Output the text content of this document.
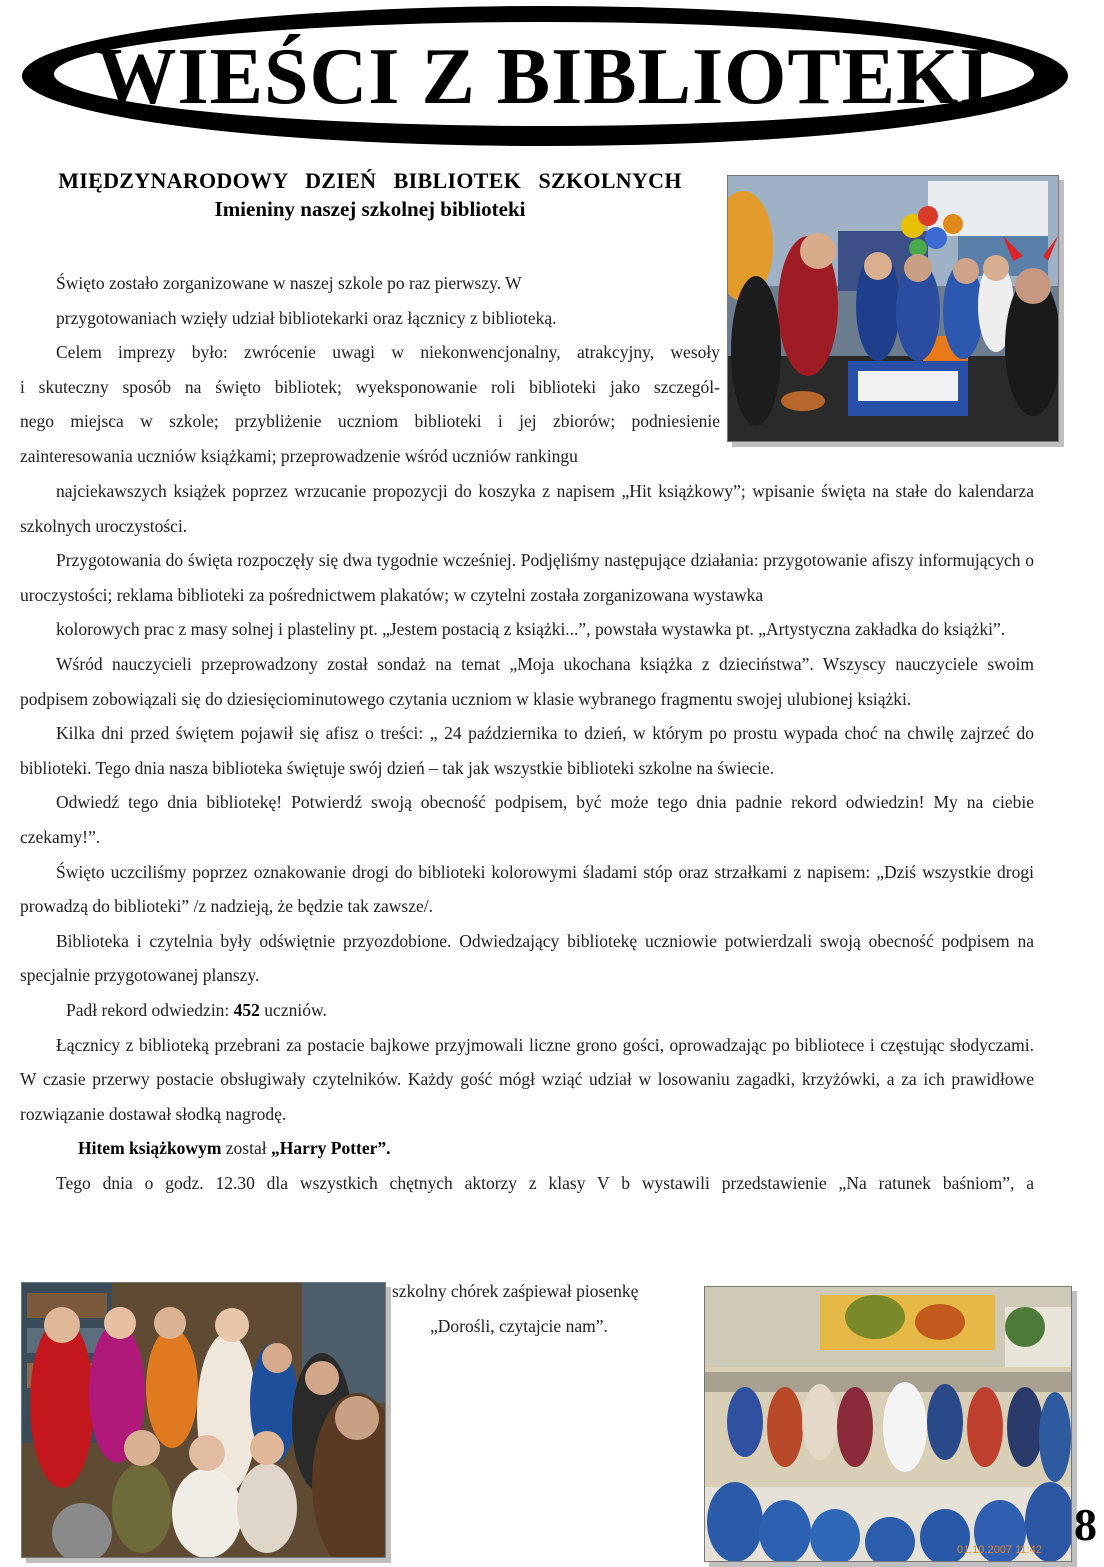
WIEŚCI Z BIBLIOTEKI
MIĘDZYNARODOWY   DZIEŃ   BIBLIOTEK   SZKOLNYCH
Imieniny naszej szkolnej biblioteki

Święto zostało zorganizowane w naszej szkole po raz pierwszy. W

przygotowaniach wzięły udział bibliotekarki oraz łącznicy z biblioteką.

Celem imprezy było: zwrócenie uwagi w niekonwencjonalny, atrakcyjny, wesoły

i skuteczny sposób na święto bibliotek; wyeksponowanie roli biblioteki jako szczegól-

nego miejsca w szkole; przybliżenie uczniom biblioteki i jej zbiorów; podniesienie

zainteresowania uczniów książkami; przeprowadzenie wśród uczniów rankingu

najciekawszych książek poprzez wrzucanie propozycji do koszyka z napisem „Hit książkowy”; wpisanie święta na stałe do kalendarza szkolnych uroczystości.

Przygotowania do święta rozpoczęły się dwa tygodnie wcześniej. Podjęliśmy następujące działania: przygotowanie afiszy informujących o uroczystości; reklama biblioteki za pośrednictwem plakatów; w czytelni została zorganizowana wystawka

kolorowych prac z masy solnej i plasteliny pt. „Jestem postacią z książki...”, powstała wystawka pt. „Artystyczna zakładka do książki”.

Wśród nauczycieli przeprowadzony został sondaż na temat „Moja ukochana książka z dzieciństwa”. Wszyscy nauczyciele swoim podpisem zobowiązali się do dziesięciominutowego czytania uczniom w klasie wybranego fragmentu swojej ulubionej książki.

Kilka dni przed świętem pojawił się afisz o treści: „ 24 października to dzień, w którym po prostu wypada choć na chwilę zajrzeć do biblioteki. Tego dnia nasza biblioteka świętuje swój dzień – tak jak wszystkie biblioteki szkolne na świecie.

Odwiedź tego dnia bibliotekę! Potwierdź swoją obecność podpisem, być może tego dnia padnie rekord odwiedzin! My na ciebie czekamy!”.

Święto uczciliśmy poprzez oznakowanie drogi do biblioteki kolorowymi śladami stóp oraz strzałkami z napisem: „Dziś wszystkie drogi prowadzą do biblioteki” /z nadzieją, że będzie tak zawsze/.

Biblioteka i czytelnia były odświętnie przyozdobione. Odwiedzający bibliotekę uczniowie potwierdzali swoją obecność podpisem na specjalnie przygotowanej planszy.

Padł rekord odwiedzin: 452 uczniów.

Łącznicy z biblioteką przebrani za postacie bajkowe przyjmowali liczne grono gości, oprowadzając po bibliotece i częstując słodyczami. W czasie przerwy postacie obsługiwały czytelników. Każdy gość mógł wziąć udział w losowaniu zagadki, krzyżówki, a za ich prawidłowe rozwiązanie dostawał słodką nagrodę.

Hitem książkowym został „Harry Potter”.

Tego dnia o godz. 12.30 dla wszystkich chętnych aktorzy z klasy V b wystawili przedstawienie „Na ratunek baśniom”, a

szkolny chórek zaśpiewał piosenkę
„Dorośli, czytajcie nam”.
01.10.2007 11:42 8
